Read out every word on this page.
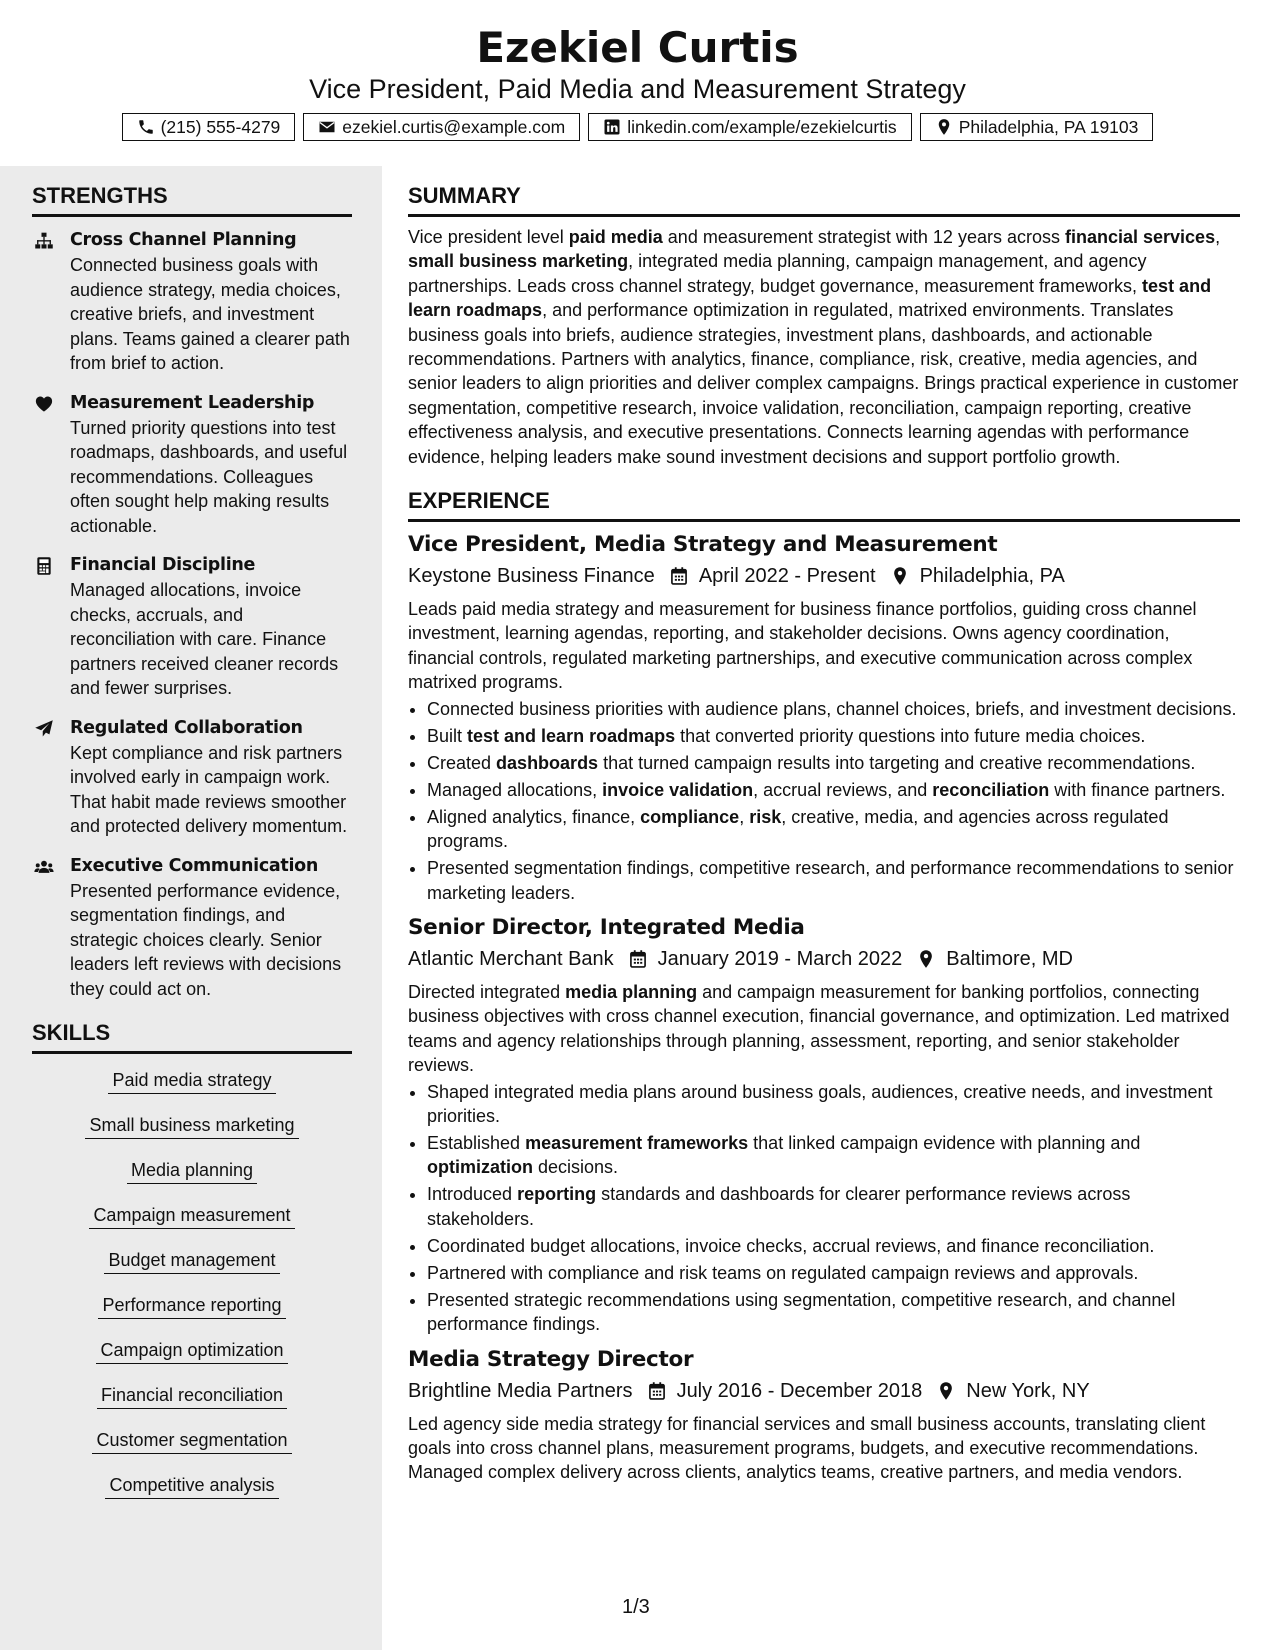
Ezekiel Curtis
Vice President, Paid Media and Measurement Strategy
(215) 555-4279	ezekiel.curtis@example.com	linkedin.com/example/ezekielcurtis	Philadelphia, PA 19103
STRENGTHS
Cross Channel Planning
Connected business goals with audience strategy, media choices, creative briefs, and investment plans. Teams gained a clearer path from brief to action.
Measurement Leadership
Turned priority questions into test roadmaps, dashboards, and useful recommendations. Colleagues often sought help making results actionable.
Financial Discipline
Managed allocations, invoice checks, accruals, and reconciliation with care. Finance partners received cleaner records and fewer surprises.
Regulated Collaboration
Kept compliance and risk partners involved early in campaign work. That habit made reviews smoother and protected delivery momentum.
Executive Communication
Presented performance evidence, segmentation findings, and strategic choices clearly. Senior leaders left reviews with decisions they could act on.
SKILLS
Paid media strategy
Small business marketing
Media planning
Campaign measurement
Budget management
Performance reporting
Campaign optimization
Financial reconciliation
Customer segmentation
Competitive analysis
SUMMARY
Vice president level paid media and measurement strategist with 12 years across financial services, small business marketing, integrated media planning, campaign management, and agency partnerships. Leads cross channel strategy, budget governance, measurement frameworks, test and learn roadmaps, and performance optimization in regulated, matrixed environments. Translates business goals into briefs, audience strategies, investment plans, dashboards, and actionable recommendations. Partners with analytics, finance, compliance, risk, creative, media agencies, and senior leaders to align priorities and deliver complex campaigns. Brings practical experience in customer segmentation, competitive research, invoice validation, reconciliation, campaign reporting, creative effectiveness analysis, and executive presentations. Connects learning agendas with performance evidence, helping leaders make sound investment decisions and support portfolio growth.
EXPERIENCE
Vice President, Media Strategy and Measurement
Keystone Business Finance April 2022 - Present Philadelphia, PA
Leads paid media strategy and measurement for business finance portfolios, guiding cross channel investment, learning agendas, reporting, and stakeholder decisions. Owns agency coordination, financial controls, regulated marketing partnerships, and executive communication across complex matrixed programs.
• Connected business priorities with audience plans, channel choices, briefs, and investment decisions.
• Built test and learn roadmaps that converted priority questions into future media choices.
• Created dashboards that turned campaign results into targeting and creative recommendations.
• Managed allocations, invoice validation, accrual reviews, and reconciliation with finance partners.
• Aligned analytics, finance, compliance, risk, creative, media, and agencies across regulated programs.
• Presented segmentation findings, competitive research, and performance recommendations to senior marketing leaders.
Senior Director, Integrated Media
Atlantic Merchant Bank January 2019 - March 2022 Baltimore, MD
Directed integrated media planning and campaign measurement for banking portfolios, connecting business objectives with cross channel execution, financial governance, and optimization. Led matrixed teams and agency relationships through planning, assessment, reporting, and senior stakeholder reviews.
• Shaped integrated media plans around business goals, audiences, creative needs, and investment priorities.
• Established measurement frameworks that linked campaign evidence with planning and optimization decisions.
• Introduced reporting standards and dashboards for clearer performance reviews across stakeholders.
• Coordinated budget allocations, invoice checks, accrual reviews, and finance reconciliation.
• Partnered with compliance and risk teams on regulated campaign reviews and approvals.
• Presented strategic recommendations using segmentation, competitive research, and channel performance findings.
Media Strategy Director
Brightline Media Partners July 2016 - December 2018 New York, NY
Led agency side media strategy for financial services and small business accounts, translating client goals into cross channel plans, measurement programs, budgets, and executive recommendations. Managed complex delivery across clients, analytics teams, creative partners, and media vendors.
1/3
